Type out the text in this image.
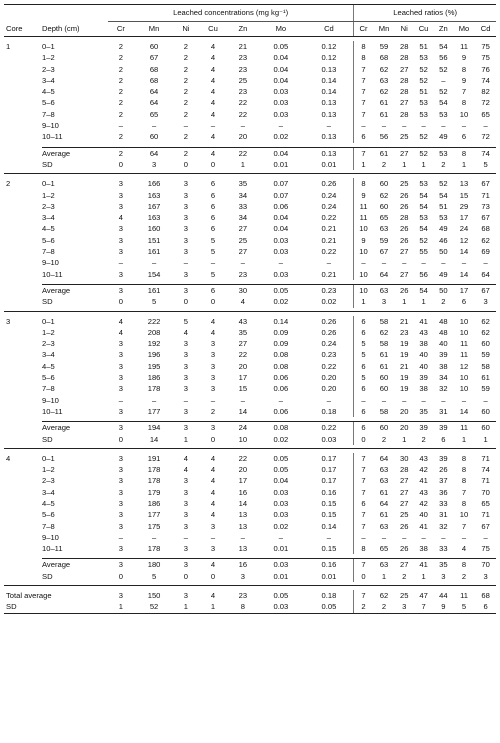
		Leached concentrations (mg kg⁻¹)							Leached ratios (%)						
Core	Depth (cm)	Cr	Mn	Ni	Cu	Zn	Mo	Cd	Cr	Mn	Ni	Cu	Zn	Mo	Cd

1	0–1	2	60	2	4	21	0.05	0.12	8	59	28	51	54	11	75
	1–2	2	67	2	4	23	0.04	0.12	8	68	28	53	56	9	75
	2–3	2	68	2	4	23	0.04	0.13	7	62	27	52	52	8	76
	3–4	2	68	2	4	25	0.04	0.14	7	63	28	52	–	9	74
	4–5	2	64	2	4	23	0.03	0.14	7	62	28	51	52	7	82
	5–6	2	64	2	4	22	0.03	0.13	7	61	27	53	54	8	72
	7–8	2	65	2	4	22	0.03	0.13	7	61	28	53	53	10	65
	9–10	–	–	–	–	–	–	–	–	–	–	–	–	–	–
	10–11	2	60	2	4	20	0.02	0.13	6	56	25	52	49	6	72

	Average	2	64	2	4	22	0.04	0.13	7	61	27	52	53	8	74
	SD	0	3	0	0	1	0.01	0.01	1	2	1	1	2	1	5

2	0–1	3	166	3	6	35	0.07	0.26	8	60	25	53	52	13	67
	1–2	3	163	3	6	34	0.07	0.24	9	62	26	54	54	15	71
	2–3	3	167	3	6	33	0.06	0.24	11	60	26	54	51	29	73
	3–4	4	163	3	6	34	0.04	0.22	11	65	28	53	53	17	67
	4–5	3	160	3	6	27	0.04	0.21	10	63	26	54	49	24	68
	5–6	3	151	3	5	25	0.03	0.21	9	59	26	52	46	12	62
	7–8	3	161	3	5	27	0.03	0.22	10	67	27	55	50	14	69
	9–10	–	–	–	–	–	–	–	–	–	–	–	–	–	–
	10–11	3	154	3	5	23	0.03	0.21	10	64	27	56	49	14	64

	Average	3	161	3	6	30	0.05	0.23	10	63	26	54	50	17	67
	SD	0	5	0	0	4	0.02	0.02	1	3	1	1	2	6	3

3	0–1	4	222	5	4	43	0.14	0.26	6	58	21	41	48	10	62
	1–2	4	208	4	4	35	0.09	0.26	6	62	23	43	48	10	62
	2–3	3	192	3	3	27	0.09	0.24	5	58	19	38	40	11	60
	3–4	3	196	3	3	22	0.08	0.23	5	61	19	40	39	11	59
	4–5	3	195	3	3	20	0.08	0.22	6	61	21	40	38	12	58
	5–6	3	186	3	3	17	0.06	0.20	5	60	19	39	34	10	61
	7–8	3	178	3	3	15	0.06	0.20	6	60	19	38	32	10	59
	9–10	–	–	–	–	–	–	–	–	–	–	–	–	–	–
	10–11	3	177	3	2	14	0.06	0.18	6	58	20	35	31	14	60

	Average	3	194	3	3	24	0.08	0.22	6	60	20	39	39	11	60
	SD	0	14	1	0	10	0.02	0.03	0	2	1	2	6	1	1

4	0–1	3	191	4	4	22	0.05	0.17	7	64	30	43	39	8	71
	1–2	3	178	4	4	20	0.05	0.17	7	63	28	42	26	8	74
	2–3	3	178	3	4	17	0.04	0.17	7	63	27	41	37	8	71
	3–4	3	179	3	4	16	0.03	0.16	7	61	27	43	36	7	70
	4–5	3	186	3	4	14	0.03	0.15	6	64	27	42	33	8	65
	5–6	3	177	3	4	13	0.03	0.15	7	61	25	40	31	10	71
	7–8	3	175	3	3	13	0.02	0.14	7	63	26	41	32	7	67
	9–10	–	–	–	–	–	–	–	–	–	–	–	–	–	–
	10–11	3	178	3	3	13	0.01	0.15	8	65	26	38	33	4	75

	Average	3	180	3	4	16	0.03	0.16	7	63	27	41	35	8	70
	SD	0	5	0	0	3	0.01	0.01	0	1	2	1	3	2	3

Total average		3	150	3	4	23	0.05	0.18	7	62	25	47	44	11	68
SD		1	52	1	1	8	0.03	0.05	2	2	3	7	9	5	6
